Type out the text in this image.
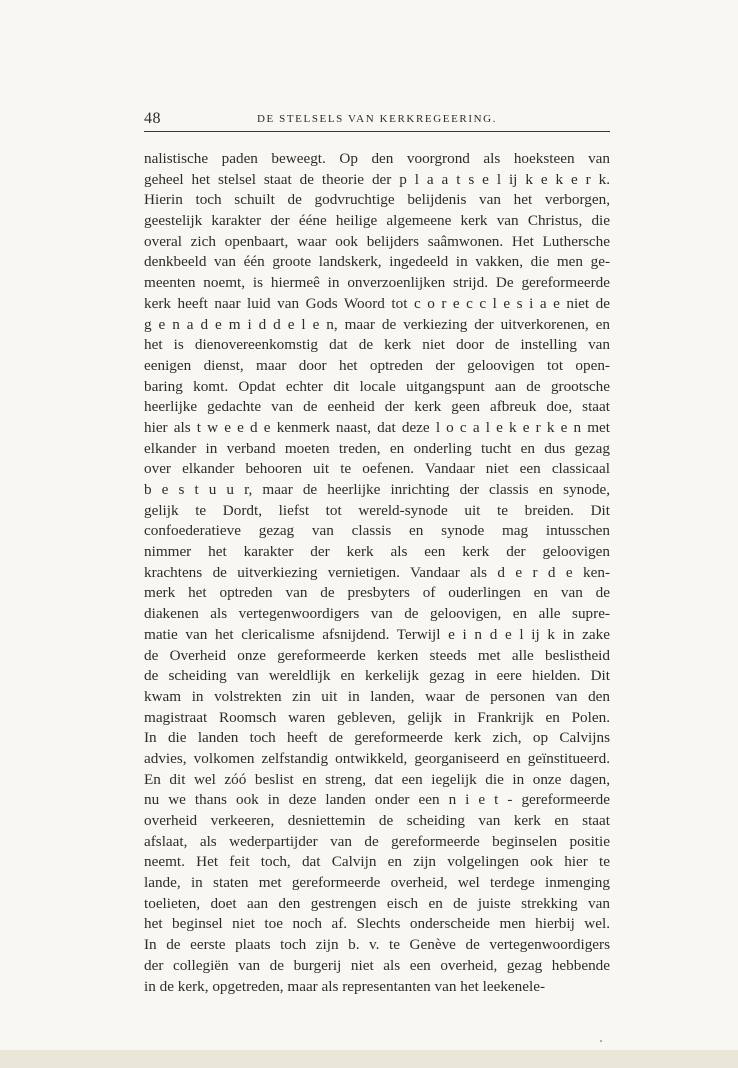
48	DE STELSELS VAN KERKREGEERING.
nalistische paden beweegt. Op den voorgrond als hoeksteen van
geheel het stelsel staat de theorie der p l a a t s e l ij k e k e r k.
Hierin toch schuilt de godvruchtige belijdenis van het verborgen,
geestelijk karakter der ééne heilige algemeene kerk van Christus, die
overal zich openbaart, waar ook belijders saâmwonen. Het Luthersche
denkbeeld van één groote landskerk, ingedeeld in vakken, die men ge-
meenten noemt, is hiermeê in onverzoenlijken strijd. De gereformeerde
kerk heeft naar luid van Gods Woord tot c o r e c c l e s i a e niet de
g e n a d e m i d d e l e n, maar de verkiezing der uitverkorenen, en
het is dienovereenkomstig dat de kerk niet door de instelling van
eenigen dienst, maar door het optreden der geloovigen tot open-
baring komt. Opdat echter dit locale uitgangspunt aan de grootsche
heerlijke gedachte van de eenheid der kerk geen afbreuk doe, staat
hier als t w e e d e kenmerk naast, dat deze l o c a l e k e r k e n met
elkander in verband moeten treden, en onderling tucht en dus gezag
over elkander behooren uit te oefenen. Vandaar niet een classicaal
b e s t u u r, maar de heerlijke inrichting der classis en synode,
gelijk te Dordt, liefst tot wereld-synode uit te breiden. Dit
confoederatieve gezag van classis en synode mag intusschen
nimmer het karakter der kerk als een kerk der geloovigen
krachtens de uitverkiezing vernietigen. Vandaar als d e r d e ken-
merk het optreden van de presbyters of ouderlingen en van de
diakenen als vertegenwoordigers van de geloovigen, en alle supre-
matie van het clericalisme afsnijdend. Terwijl e i n d e l ij k in zake
de Overheid onze gereformeerde kerken steeds met alle beslistheid
de scheiding van wereldlijk en kerkelijk gezag in eere hielden. Dit
kwam in volstrekten zin uit in landen, waar de personen van den
magistraat Roomsch waren gebleven, gelijk in Frankrijk en Polen.
In die landen toch heeft de gereformeerde kerk zich, op Calvijns
advies, volkomen zelfstandig ontwikkeld, georganiseerd en geïnstitueerd.
En dit wel zóó beslist en streng, dat een iegelijk die in onze dagen,
nu we thans ook in deze landen onder een n i e t - gereformeerde
overheid verkeeren, desniettemin de scheiding van kerk en staat
afslaat, als wederpartijder van de gereformeerde beginselen positie
neemt. Het feit toch, dat Calvijn en zijn volgelingen ook hier te
lande, in staten met gereformeerde overheid, wel terdege inmenging
toelieten, doet aan den gestrengen eisch en de juiste strekking van
het beginsel niet toe noch af. Slechts onderscheide men hierbij wel.
In de eerste plaats toch zijn b. v. te Genève de vertegenwoordigers
der collegiën van de burgerij niet als een overheid, gezag hebbende
in de kerk, opgetreden, maar als representanten van het leekenele-
